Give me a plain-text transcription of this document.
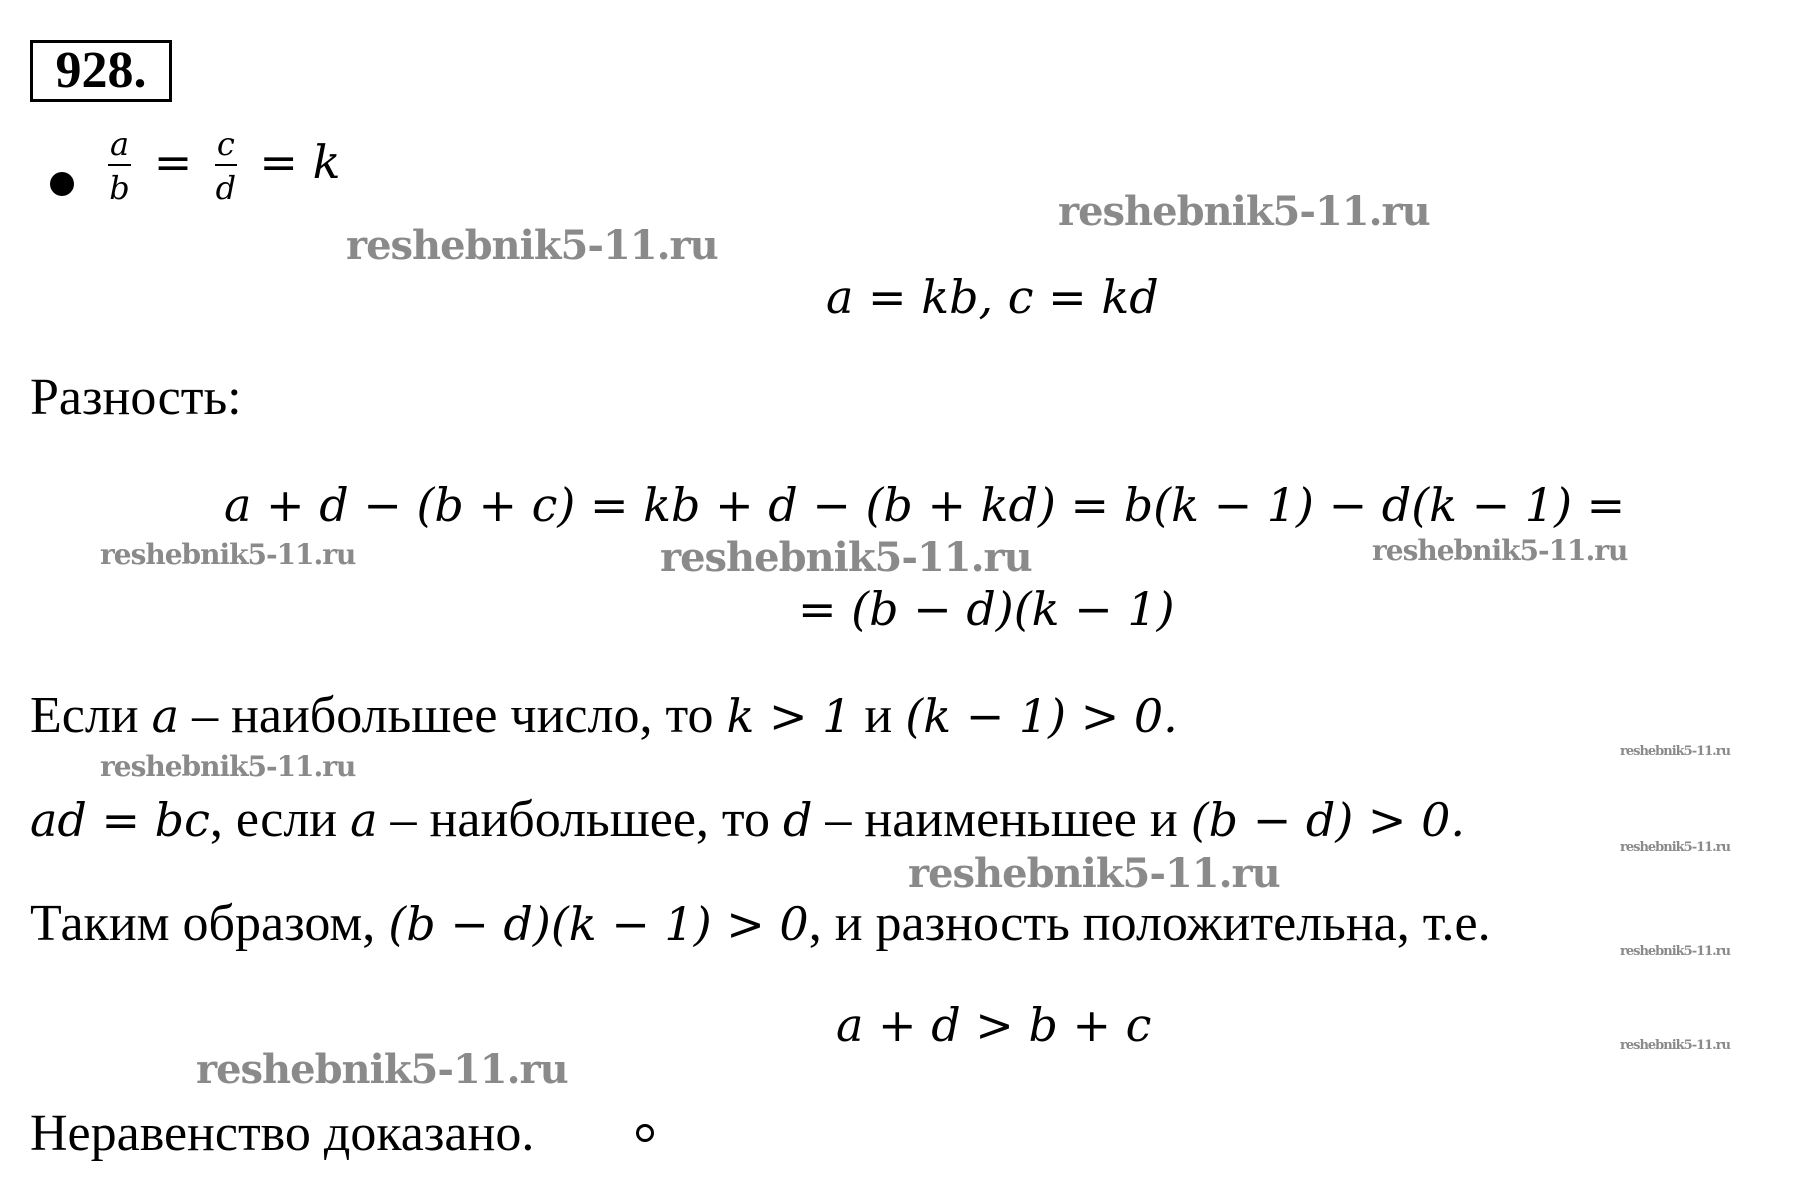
928.
$\frac{a}{b} = \frac{c}{d} = k$
a = kb, c = kd
Разность:
a + d − (b + c) = kb + d − (b + kd) = b(k − 1) − d(k − 1) =
= (b − d)(k − 1)
Если a – наибольшее число, то k > 1 и (k − 1) > 0.
ad = bc, если a – наибольшее, то d – наименьшее и (b − d) > 0.
Таким образом, (b − d)(k − 1) > 0, и разность положительна, т.е.
a + d > b + c
Неравенство доказано.
reshebnik5-11.ru
reshebnik5-11.ru
reshebnik5-11.ru	reshebnik5-11.ru	reshebnik5-11.ru
reshebnik5-11.ru	reshebnik5-11.ru
reshebnik5-11.ru
reshebnik5-11.ru
reshebnik5-11.ru
reshebnik5-11.ru
reshebnik5-11.ru
